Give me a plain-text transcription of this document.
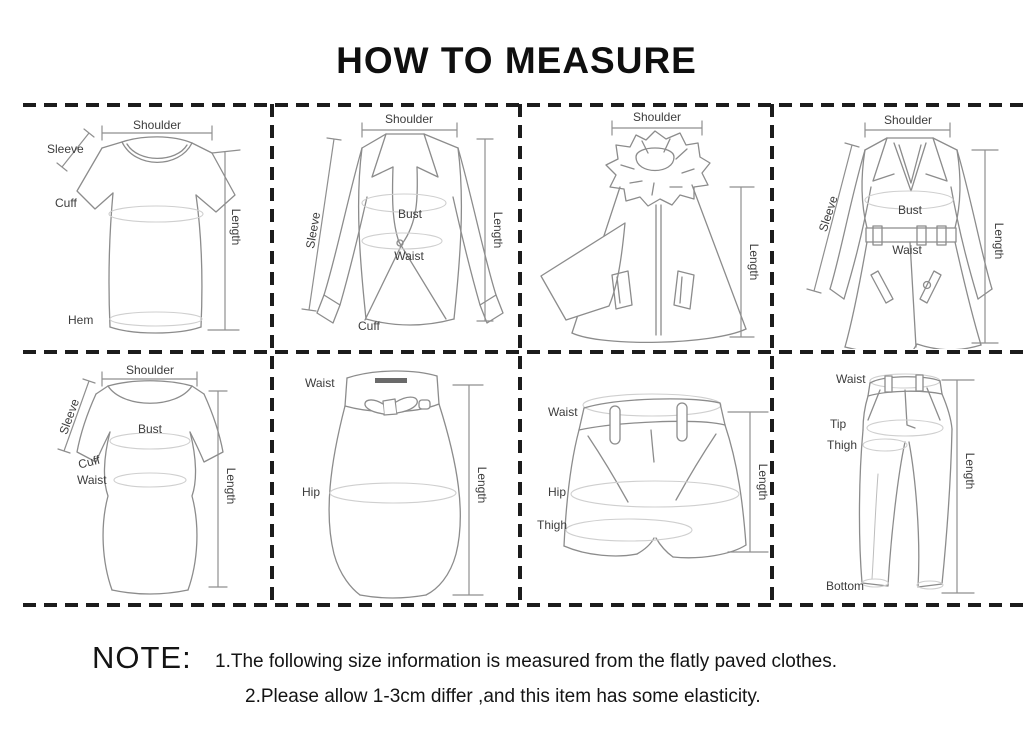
HOW TO MEASURE
Shoulder
Sleeve
Cuff
Hem
Length
Shoulder
Sleeve	Bust
Waist
Cuff
Length
Shoulder
Length
Shoulder
Sleeve	Bust
Waist	Length
Shoulder
Sleeve	Bust
Cuff
Waist	Length
Waist
Hip	Length
Waist
Hip
Thigh
Length
Waist
Tip
Thigh
Bottom
Length
NOTE: 1.The following size information is measured from the flatly paved clothes.
2.Please allow 1-3cm differ ,and this item has some elasticity.
